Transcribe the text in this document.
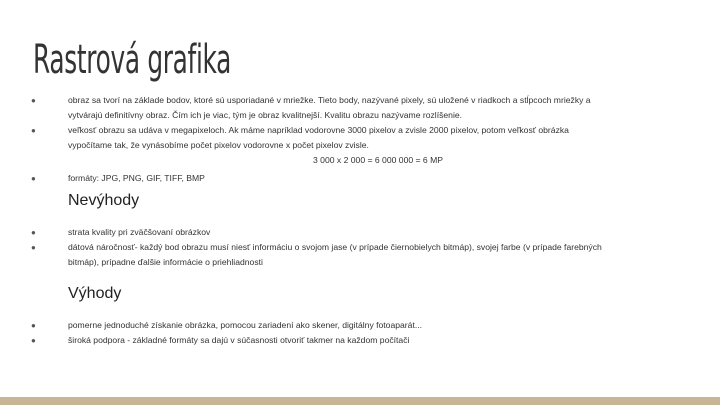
Rastrová grafika
●	obraz sa tvorí na základe bodov, ktoré sú usporiadané v mriežke. Tieto body, nazývané pixely, sú uložené v riadkoch a stĺpcoch mriežky a
vytvárajú definitívny obraz. Čím ich je viac, tým je obraz kvalitnejší. Kvalitu obrazu nazývame rozlíšenie.
●	veľkosť obrazu sa udáva v megapixeloch. Ak máme napríklad vodorovne 3000 pixelov a zvisle 2000 pixelov, potom veľkosť obrázka
vypočítame tak, že vynásobíme počet pixelov vodorovne x počet pixelov zvisle.
3 000 x 2 000 = 6 000 000 = 6 MP
●	formáty: JPG, PNG, GIF, TIFF, BMP
Nevýhody
●	strata kvality pri zväčšovaní obrázkov
●	dátová náročnosť- každý bod obrazu musí niesť informáciu o svojom jase (v prípade čiernobielych bitmáp), svojej farbe (v prípade farebných
bitmáp), prípadne ďalšie informácie o priehliadnosti
Výhody
●	pomerne jednoduché získanie obrázka, pomocou zariadení ako skener, digitálny fotoaparát...
●	široká podpora - základné formáty sa dajú v súčasnosti otvoriť takmer na každom počítači
